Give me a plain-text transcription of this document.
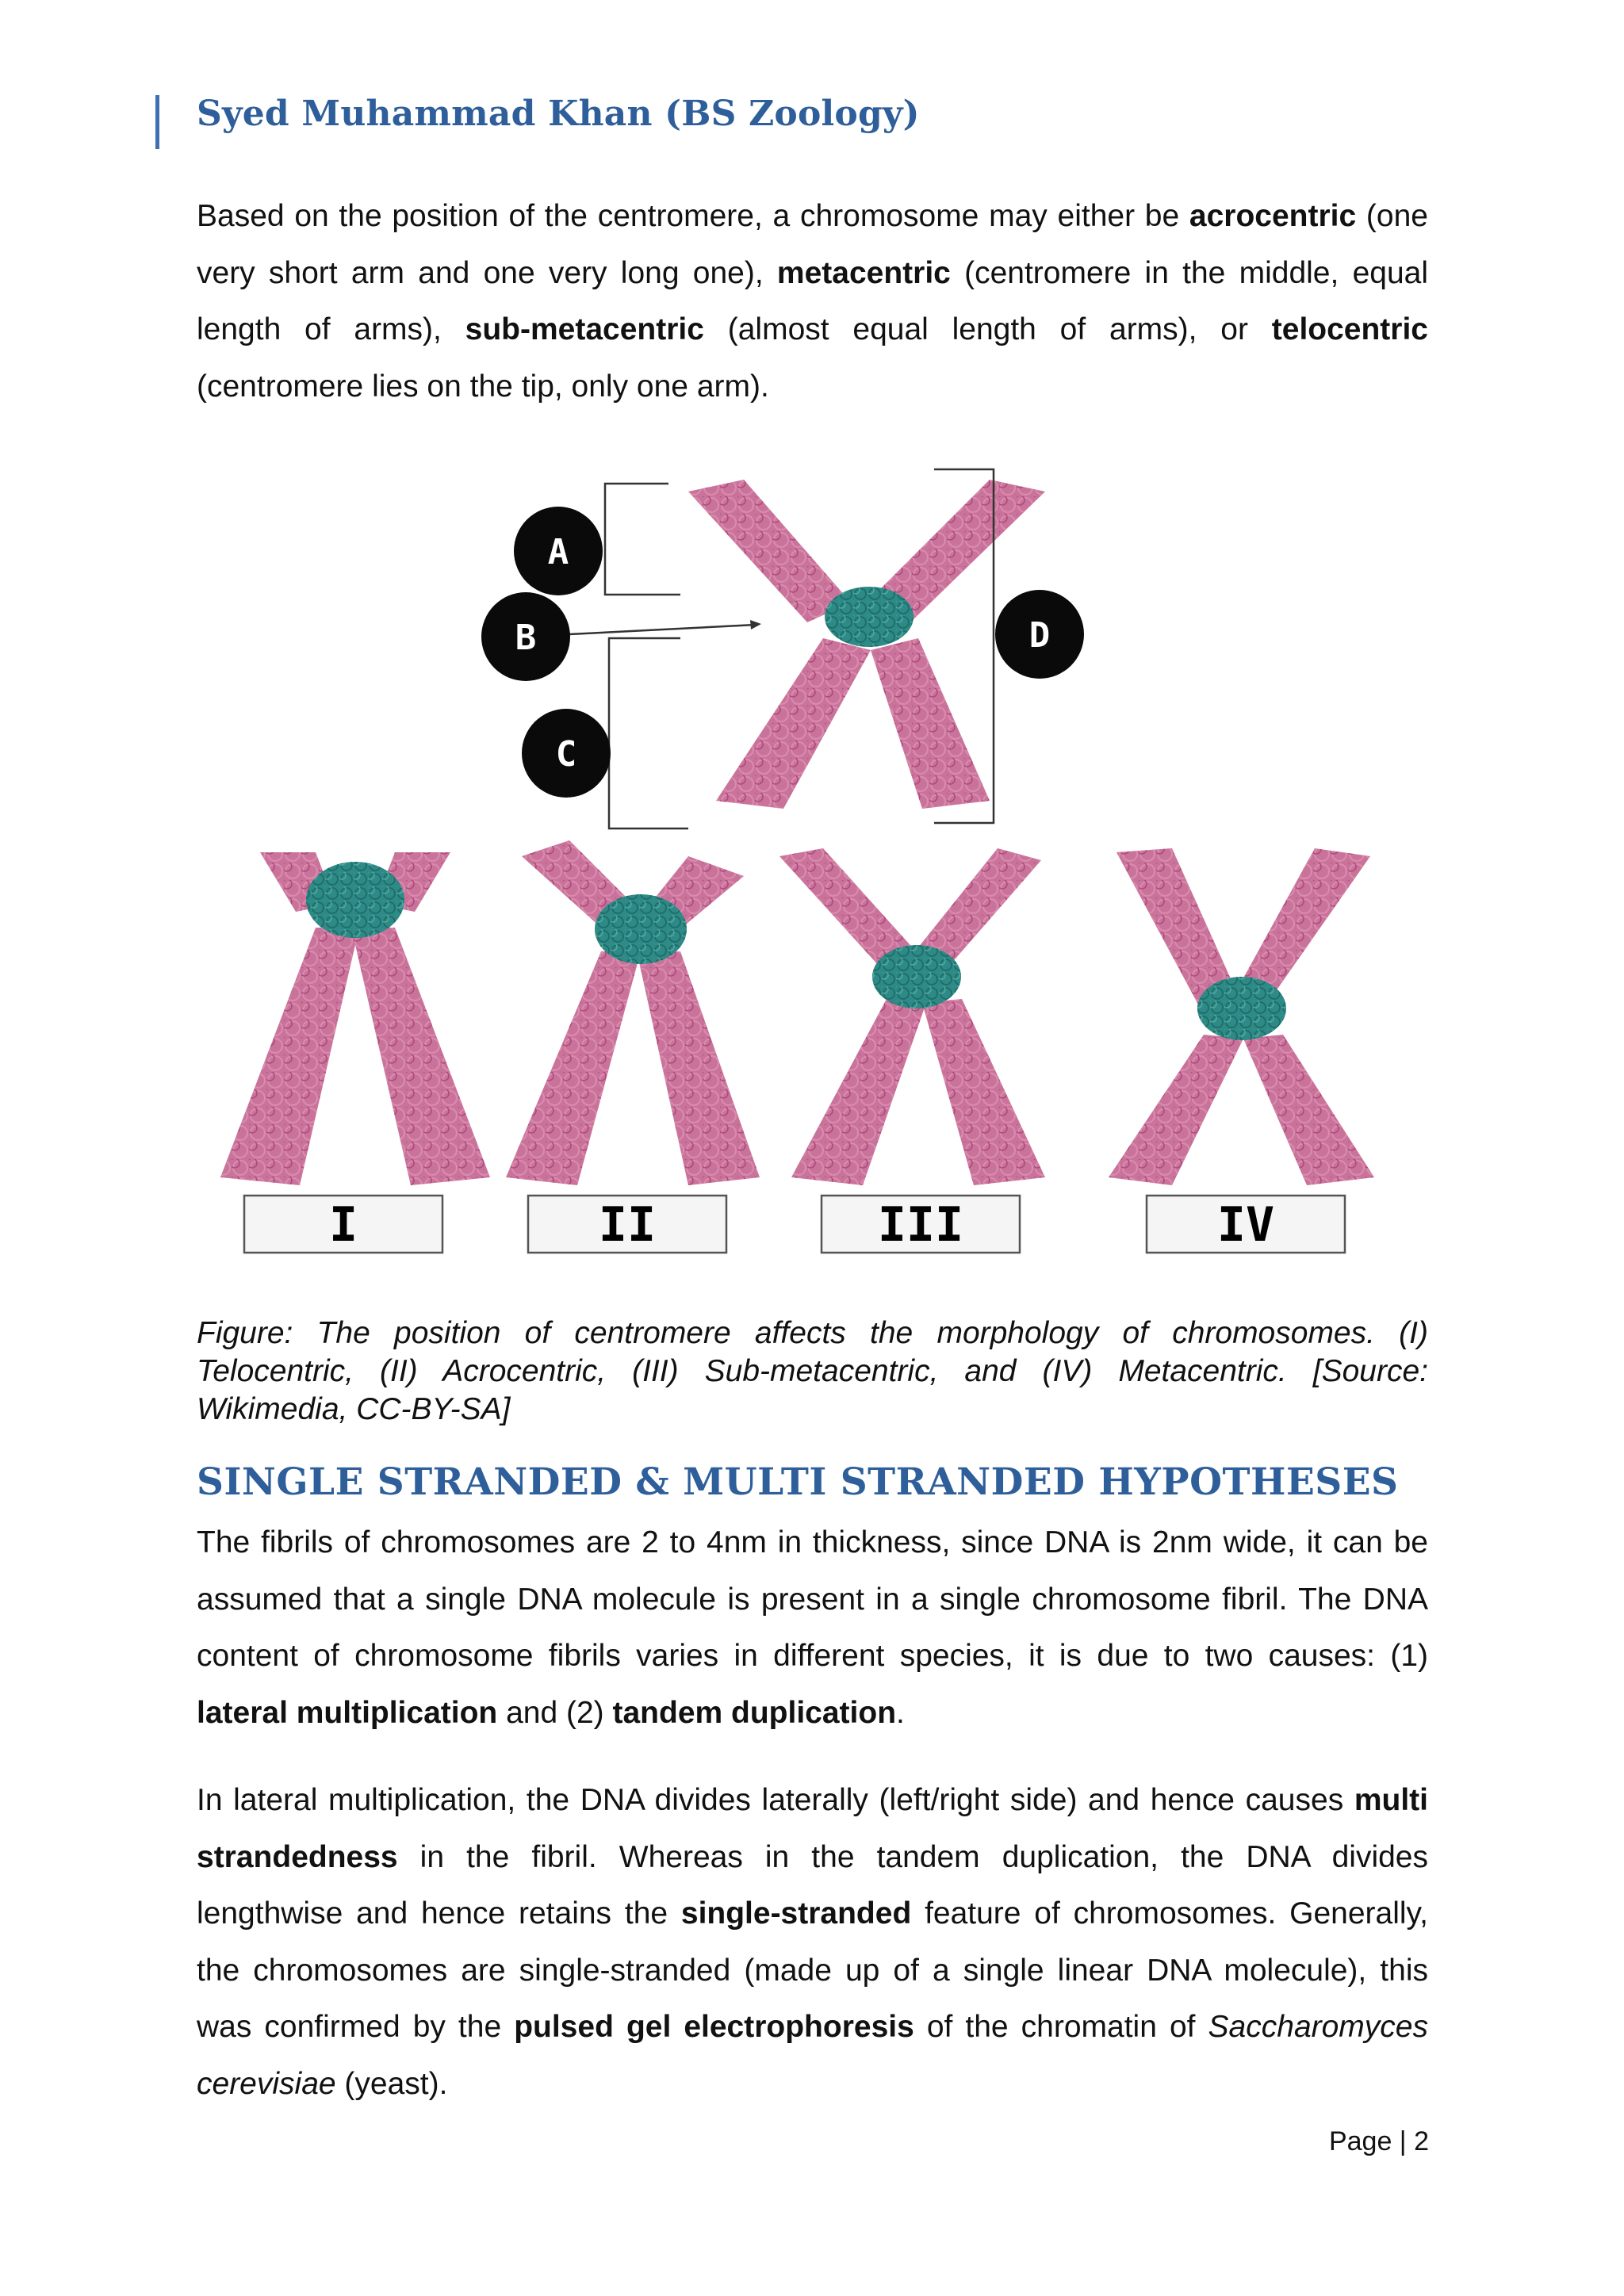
Syed Muhammad Khan (BS Zoology)

Based on the position of the centromere, a chromosome may either be acrocentric (one very short arm and one very long one), metacentric (centromere in the middle, equal length of arms), sub-metacentric (almost equal length of arms), or telocentric (centromere lies on the tip, only one arm).

A
B
C
D
I	II	III	IV

Figure: The position of centromere affects the morphology of chromosomes. (I) Telocentric, (II) Acrocentric, (III) Sub-metacentric, and (IV) Metacentric. [Source: Wikimedia, CC-BY-SA]

SINGLE STRANDED & MULTI STRANDED HYPOTHESES

The fibrils of chromosomes are 2 to 4nm in thickness, since DNA is 2nm wide, it can be assumed that a single DNA molecule is present in a single chromosome fibril. The DNA content of chromosome fibrils varies in different species, it is due to two causes: (1) lateral multiplication and (2) tandem duplication.

In lateral multiplication, the DNA divides laterally (left/right side) and hence causes multi strandedness in the fibril. Whereas in the tandem duplication, the DNA divides lengthwise and hence retains the single-stranded feature of chromosomes. Generally, the chromosomes are single-stranded (made up of a single linear DNA molecule), this was confirmed by the pulsed gel electrophoresis of the chromatin of Saccharomyces cerevisiae (yeast).

Page | 2
